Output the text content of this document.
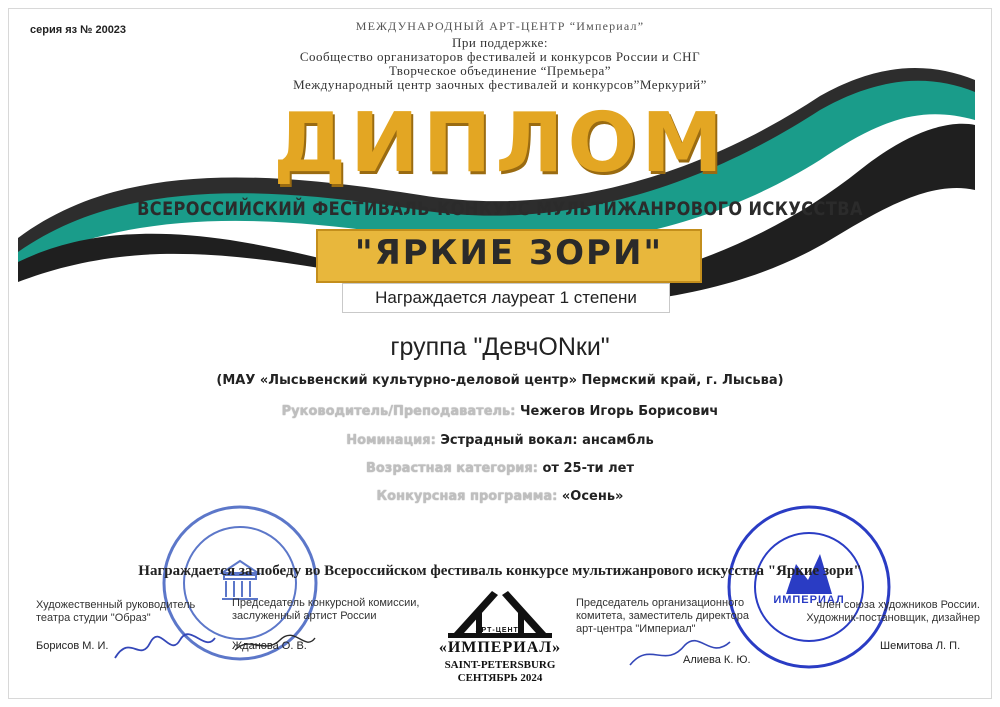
ИМПЕРИАЛ
серия яз № 20023	МЕЖДУНАРОДНЫЙ АРТ-ЦЕНТР “Империал”
При поддержке:
Сообщество организаторов фестивалей и конкурсов России и СНГ
Творческое объединение “Премьера”
Международный центр заочных фестивалей и конкурсов”Меркурий”
ДИПЛОМ
ВСЕРОССИЙСКИЙ ФЕСТИВАЛЬ-КОНКУРС МУЛЬТИЖАНРОВОГО ИСКУССТВА
"ЯРКИЕ ЗОРИ"
Награждается лауреат 1 степени
группа "ДевчONки"
(МАУ «Лысьвенский культурно-деловой центр» Пермский край, г. Лысьва)
Руководитель/Преподаватель: Чежегов Игорь Борисович
Номинация: Эстрадный вокал: ансамбль
Возрастная категория: от 25-ти лет
Конкурсная программа: «Осень»
Награждается за победу во Всероссийском фестиваль конкурсе мультижанрового искусства "Яркие зори"
Художественный руководитель
театра студии "Образ"
Борисов М. И.
Председатель конкурсной комиссии,
заслуженный артист России
Жданова О. В.
Председатель организационного
комитета, заместитель директора
арт-центра "Империал"
Алиева К. Ю.
член союза художников России.
Художник-постановщик, дизайнер
Шемитова Л. П.
АРТ-ЦЕНТР
«ИМПЕРИАЛ»
SAINT-PETERSBURG
СЕНТЯБРЬ 2024
